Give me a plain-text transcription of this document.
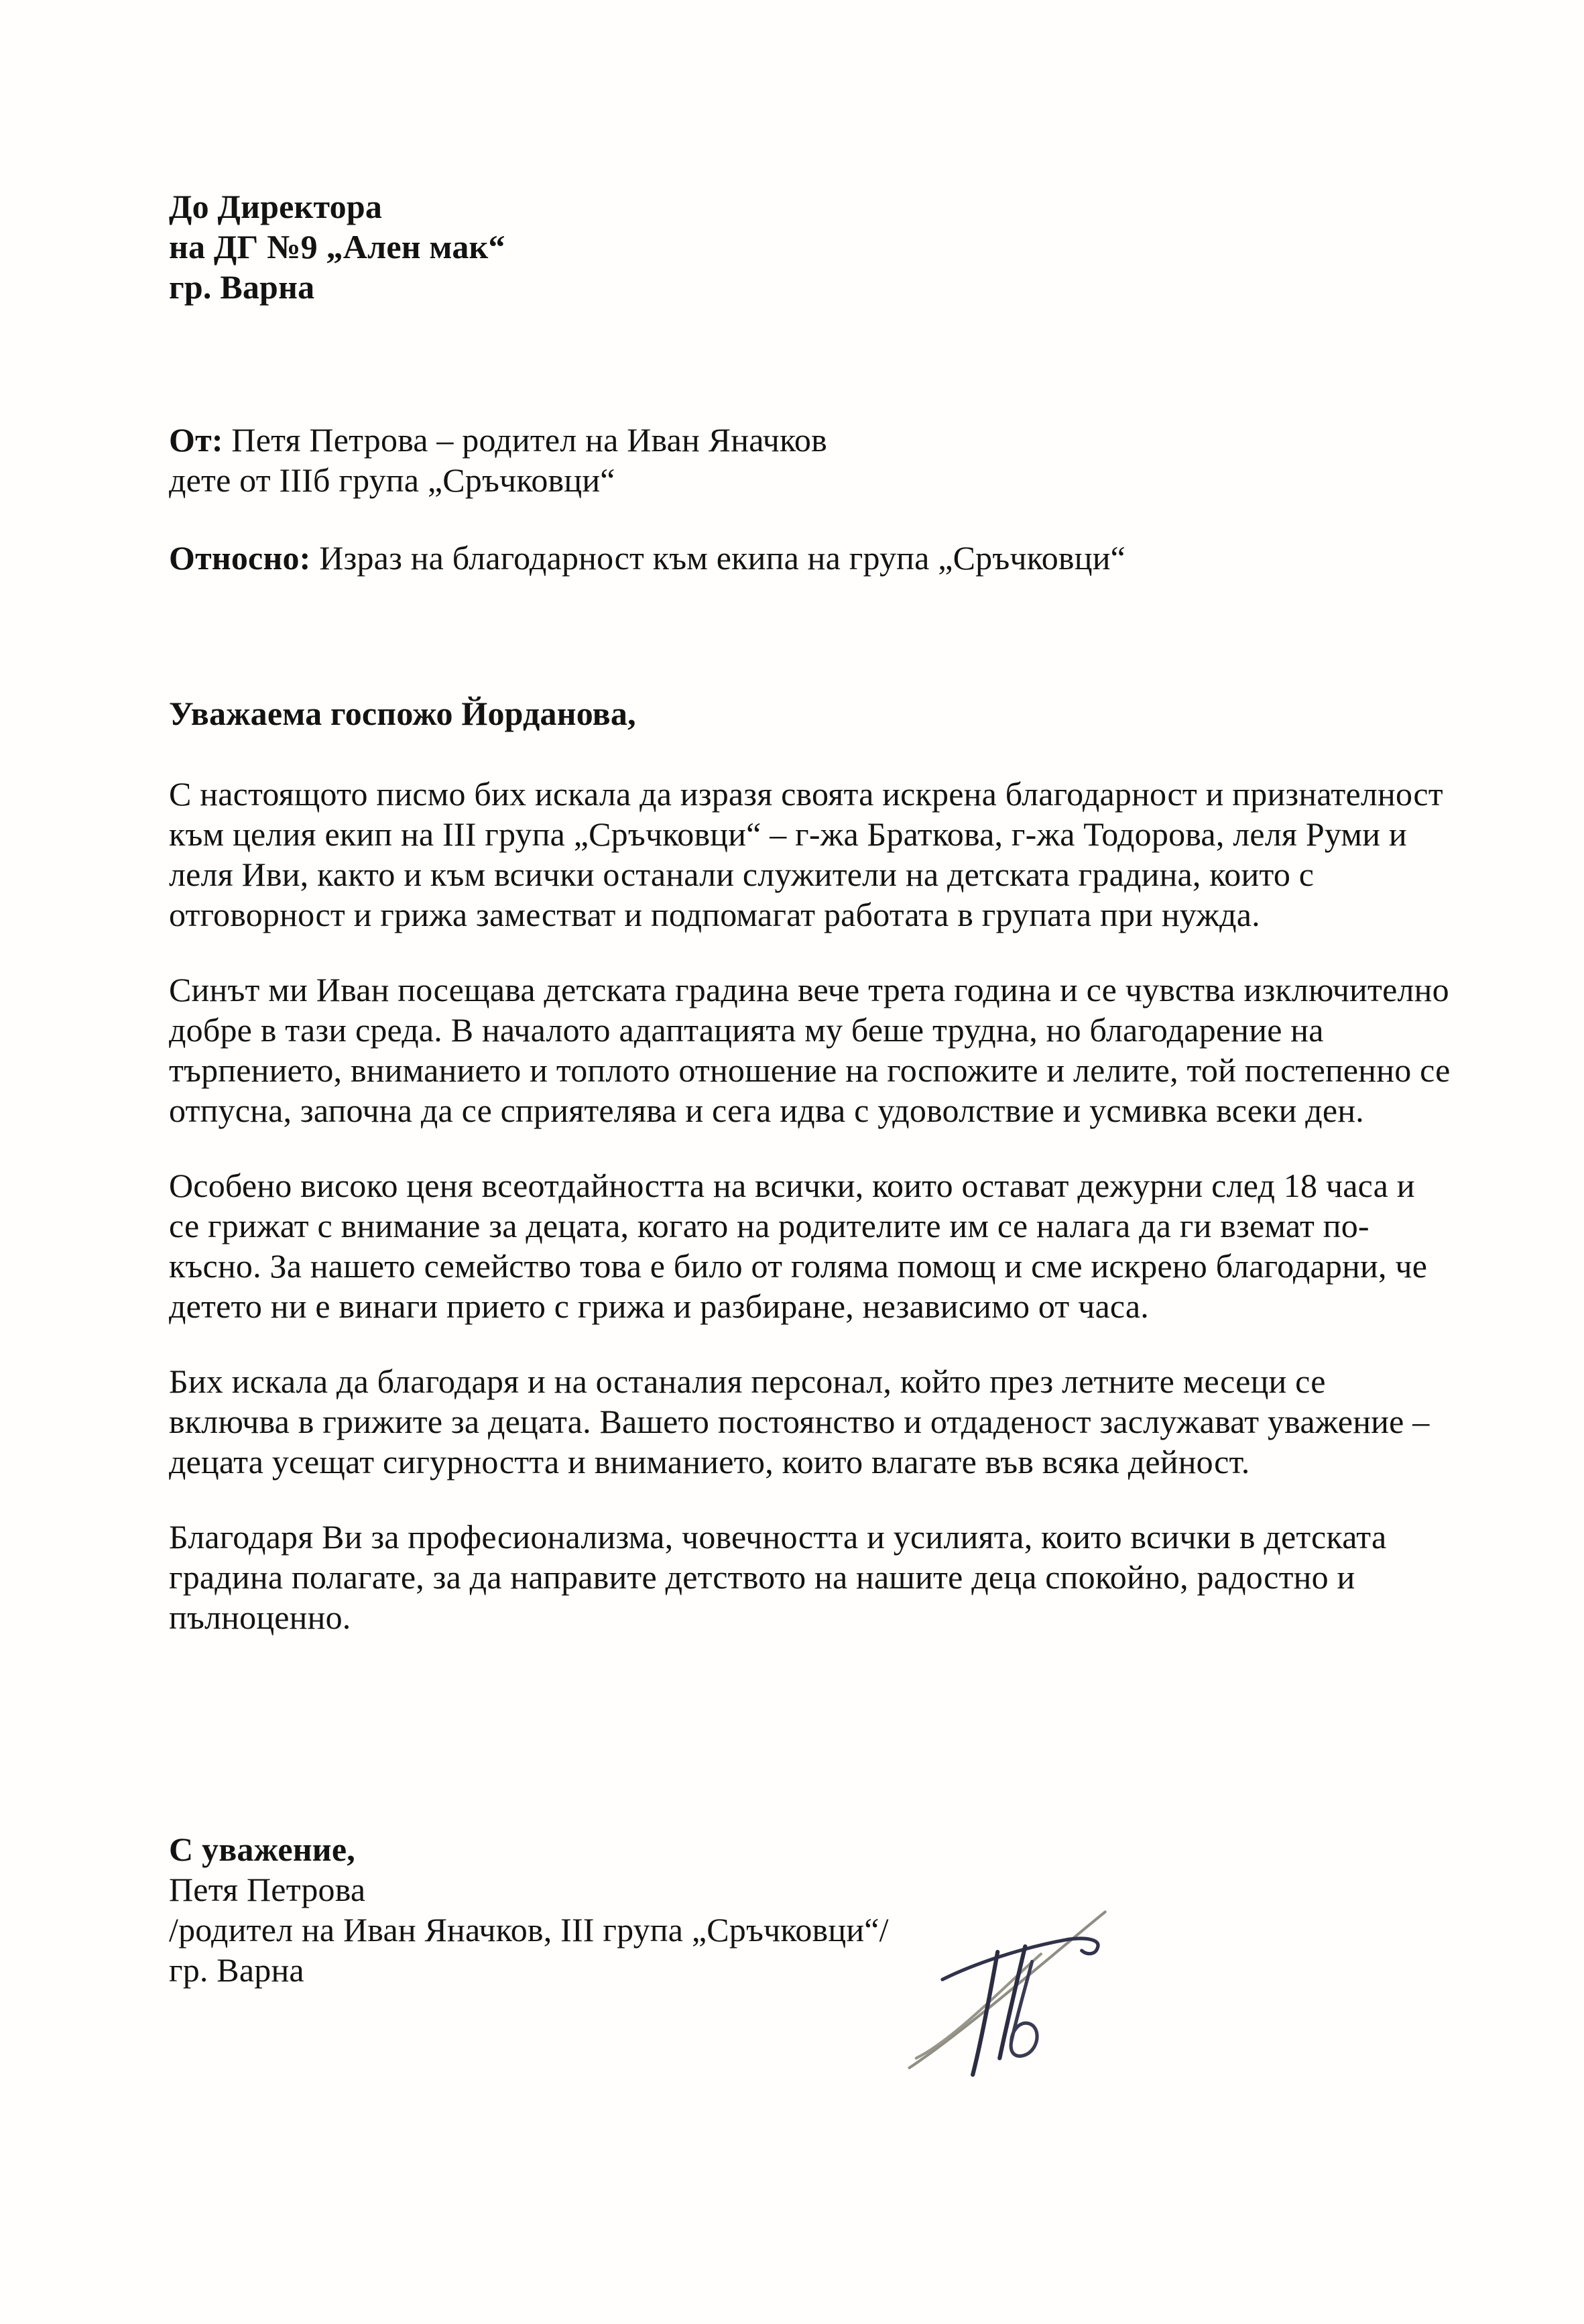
До Директора

на ДГ №9 „Ален мак“

гр. Варна

От: Петя Петрова – родител на Иван Яначков

дете от IIIб група „Сръчковци“

Относно: Израз на благодарност към екипа на група „Сръчковци“

Уважаема госпожо Йорданова,

С настоящото писмо бих искала да изразя своята искрена благодарност и признателност към целия екип на III група „Сръчковци“ – г-жа Браткова, г-жа Тодорова, леля Руми и леля Иви, както и към всички останали служители на детската градина, които с отговорност и грижа заместват и подпомагат работата в групата при нужда.

Синът ми Иван посещава детската градина вече трета година и се чувства изключително добре в тази среда. В началото адаптацията му беше трудна, но благодарение на търпението, вниманието и топлото отношение на госпожите и лелите, той постепенно се отпусна, започна да се сприятелява и сега идва с удоволствие и усмивка всеки ден.

Особено високо ценя всеотдайността на всички, които остават дежурни след 18 часа и се грижат с внимание за децата, когато на родителите им се налага да ги вземат по-късно. За нашето семейство това е било от голяма помощ и сме искрено благодарни, че детето ни е винаги прието с грижа и разбиране, независимо от часа.

Бих искала да благодаря и на останалия персонал, който през летните месеци се включва в грижите за децата. Вашето постоянство и отдаденост заслужават уважение – децата усещат сигурността и вниманието, които влагате във всяка дейност.

Благодаря Ви за професионализма, човечността и усилията, които всички в детската градина полагате, за да направите детството на нашите деца спокойно, радостно и пълноценно.

С уважение,

Петя Петрова

/родител на Иван Яначков, III група „Сръчковци“/

гр. Варна
